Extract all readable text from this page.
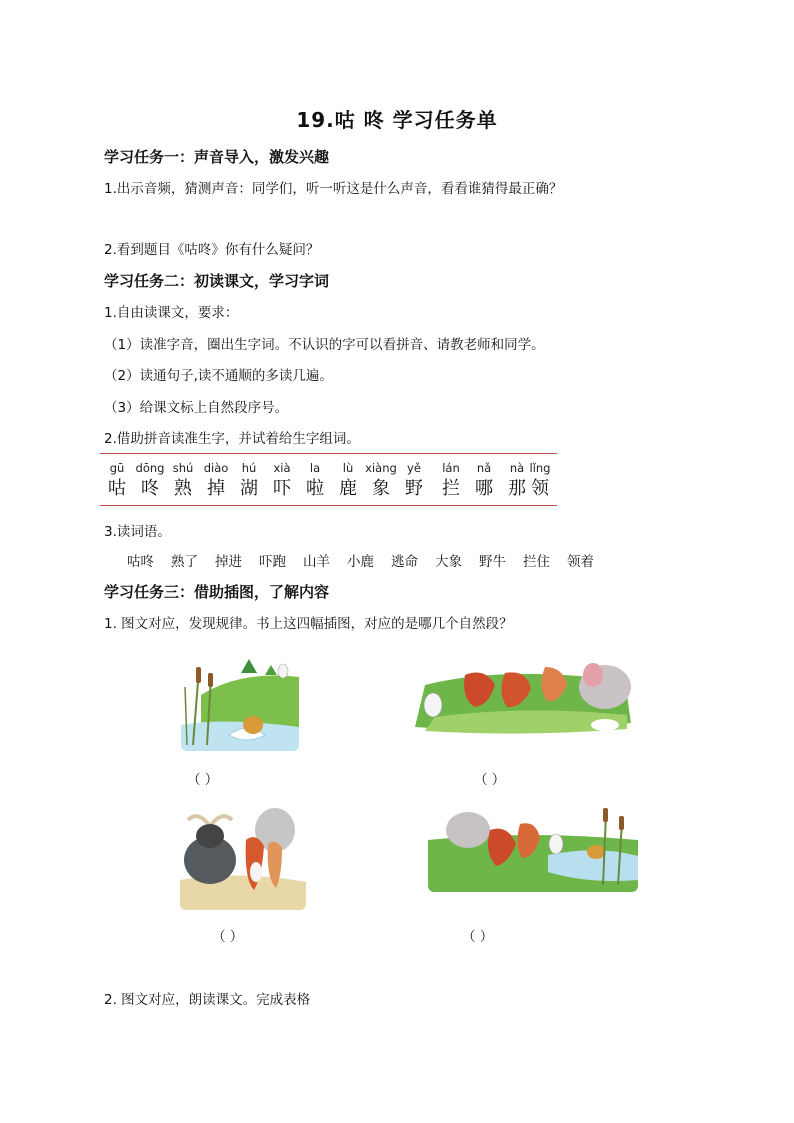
19.咕 咚 学习任务单
学习任务一：声音导入，激发兴趣
1.出示音频，猜测声音：同学们，听一听这是什么声音，看看谁猜得最正确？
2.看到题目《咕咚》你有什么疑问？
学习任务二：初读课文，学习字词
1.自由读课文，要求：
（1）读准字音，圈出生字词。不认识的字可以看拼音、请教老师和同学。
（2）读通句子,读不通顺的多读几遍。
（3）给课文标上自然段序号。
2.借助拼音读准生字，并试着给生字组词。
gū
咕
dōng
咚
shú
熟
diào
掉
hú
湖
xià
吓
la
啦
lù
鹿
xiàng
象
yě
野
lán
拦
nǎ
哪
nà
那
lǐng
领
3.读词语。
咕咚 熟了 掉进 吓跑 山羊 小鹿 逃命 大象 野牛 拦住 领着
学习任务三：借助插图，了解内容
1. 图文对应，发现规律。书上这四幅插图，对应的是哪几个自然段？
（ ）	（ ）
（ ）	（ ）
2. 图文对应，朗读课文。完成表格
